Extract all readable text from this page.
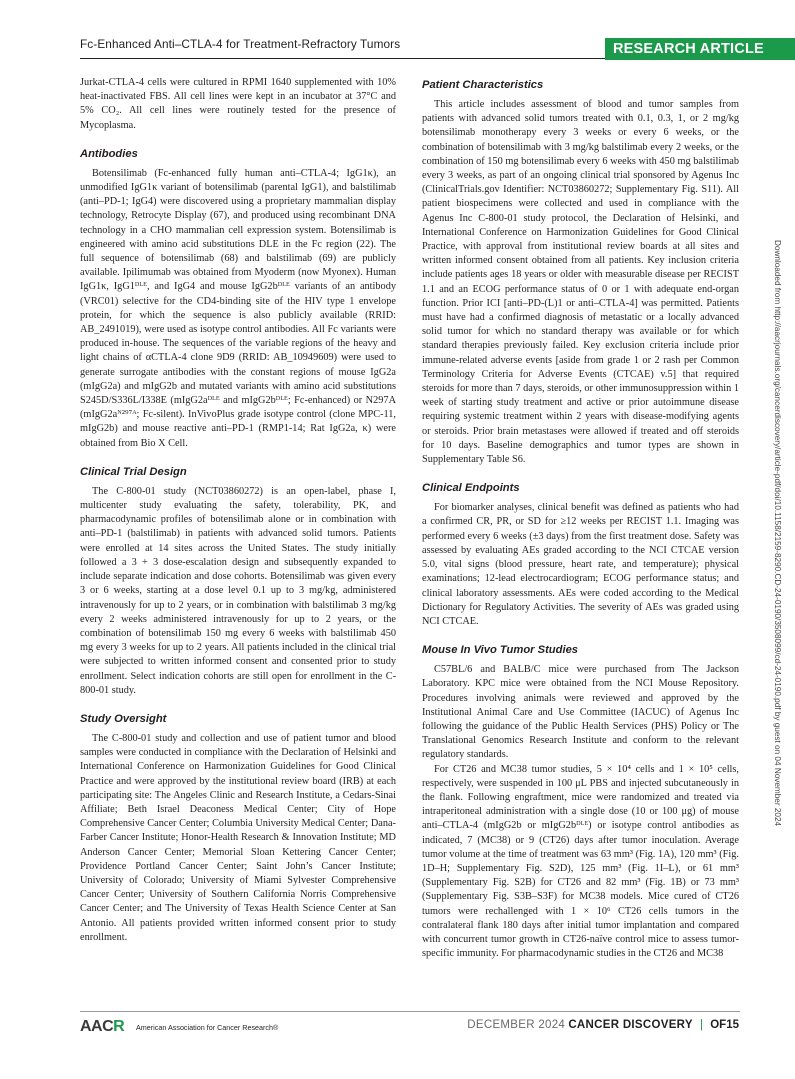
Fc-Enhanced Anti–CTLA-4 for Treatment-Refractory Tumors	RESEARCH ARTICLE

Jurkat-CTLA-4 cells were cultured in RPMI 1640 supplemented with 10% heat-inactivated FBS. All cell lines were kept in an incubator at 37°C and 5% CO₂. All cell lines were routinely tested for the presence of Mycoplasma.

Antibodies

Botensilimab (Fc-enhanced fully human anti–CTLA-4; IgG1κ), an unmodified IgG1κ variant of botensilimab (parental IgG1), and balstilimab (anti–PD-1; IgG4) were discovered using a proprietary mammalian display technology, Retrocyte Display (67), and produced using recombinant DNA technology in a CHO mammalian cell expression system. Botensilimab is engineered with amino acid substitutions DLE in the Fc region (22). The full sequence of botensilimab (68) and balstilimab (69) are publicly available. Ipilimumab was obtained from Myoderm (now Myonex). Human IgG1κ, IgG1ᴰᴸᴱ, and IgG4 and mouse IgG2bᴰᴸᴱ variants of an antibody (VRC01) selective for the CD4-binding site of the HIV type 1 envelope protein, for which the sequence is also publicly available (RRID: AB_2491019), were used as isotype control antibodies. All Fc variants were produced in-house. The sequences of the variable regions of the heavy and light chains of αCTLA-4 clone 9D9 (RRID: AB_10949609) were used to generate surrogate antibodies with the constant regions of mouse IgG2a (mIgG2a) and mIgG2b and mutated variants with amino acid substitutions S245D/S336L/I338E (mIgG2aᴰᴸᴱ and mIgG2bᴰᴸᴱ; Fc-enhanced) or N297A (mIgG2aᴺ²⁹⁷ᴬ; Fc-silent). InVivoPlus grade isotype control (clone MPC-11, mIgG2b) and mouse reactive anti–PD-1 (RMP1-14; Rat IgG2a, κ) were obtained from Bio X Cell.

Clinical Trial Design

The C-800-01 study (NCT03860272) is an open-label, phase I, multicenter study evaluating the safety, tolerability, PK, and pharmacodynamic profiles of botensilimab alone or in combination with anti–PD-1 (balstilimab) in patients with advanced solid tumors. Patients were enrolled at 14 sites across the United States. The study initially followed a 3 + 3 dose-escalation design and subsequently expanded to include separate indication and dose cohorts. Botensilimab was given every 3 or 6 weeks, starting at a dose level 0.1 up to 3 mg/kg, administered intravenously for up to 2 years, or in combination with balstilimab 3 mg/kg every 2 weeks administered intravenously for up to 2 years, or the combination of botensilimab 150 mg every 6 weeks with balstilimab 450 mg every 3 weeks for up to 2 years. All patients included in the clinical trial were subjected to written informed consent and consented prior to study enrollment. Select indication cohorts are still open for enrollment in the C-800-01 study.

Study Oversight

The C-800-01 study and collection and use of patient tumor and blood samples were conducted in compliance with the Declaration of Helsinki and International Conference on Harmonization Guidelines for Good Clinical Practice and were approved by the institutional review board (IRB) at each participating site: The Angeles Clinic and Research Institute, a Cedars-Sinai Affiliate; Beth Israel Deaconess Medical Center; City of Hope Comprehensive Cancer Center; Columbia University Medical Center; Dana-Farber Cancer Institute; Honor-Health Research & Innovation Institute; MD Anderson Cancer Center; Memorial Sloan Kettering Cancer Center; Providence Portland Cancer Center; Saint John’s Cancer Institute; University of Colorado; University of Miami Sylvester Comprehensive Cancer Center; University of Southern California Norris Comprehensive Cancer Center; and The University of Texas Health Science Center at San Antonio. All patients provided written informed consent prior to study enrollment.

Patient Characteristics

This article includes assessment of blood and tumor samples from patients with advanced solid tumors treated with 0.1, 0.3, 1, or 2 mg/kg botensilimab monotherapy every 3 weeks or every 6 weeks, or the combination of botensilimab with 3 mg/kg balstilimab every 2 weeks, or the combination of 150 mg botensilimab every 6 weeks with 450 mg balstilimab every 3 weeks, as part of an ongoing clinical trial sponsored by Agenus Inc (ClinicalTrials.gov Identifier: NCT03860272; Supplementary Fig. S11). All patient biospecimens were collected and used in compliance with the Agenus Inc C-800-01 study protocol, the Declaration of Helsinki, and International Conference on Harmonization Guidelines for Good Clinical Practice, with approval from institutional review boards at all sites and written informed consent obtained from all patients. Key inclusion criteria include patients ages 18 years or older with measurable disease per RECIST 1.1 and an ECOG performance status of 0 or 1 with adequate end-organ function. Prior ICI [anti–PD-(L)1 or anti–CTLA-4] was permitted. Patients must have had a confirmed diagnosis of metastatic or a locally advanced solid tumor for which no standard therapy was available or for which standard therapies previously failed. Key exclusion criteria include prior immune-related adverse events [aside from grade 1 or 2 rash per Common Terminology Criteria for Adverse Events (CTCAE) v.5] that required steroids for more than 7 days, steroids, or other immunosuppression within 1 week of starting study treatment and active or prior autoimmune disease requiring systemic treatment within 2 years with disease-modifying agents or steroids. Prior brain metastases were allowed if treated and off steroids for 10 days. Baseline demographics and tumor types are shown in Supplementary Table S6.

Clinical Endpoints

For biomarker analyses, clinical benefit was defined as patients who had a confirmed CR, PR, or SD for ≥12 weeks per RECIST 1.1. Imaging was performed every 6 weeks (±3 days) from the first treatment dose. Safety was assessed by evaluating AEs graded according to the NCI CTCAE version 5.0, vital signs (blood pressure, heart rate, and temperature); physical examinations; 12-lead electrocardiogram; ECOG performance status; and clinical laboratory assessments. AEs were coded according to the Medical Dictionary for Regulatory Activities. The severity of AEs was graded using NCI CTCAE.

Mouse In Vivo Tumor Studies

C57BL/6 and BALB/C mice were purchased from The Jackson Laboratory. KPC mice were obtained from the NCI Mouse Repository. Procedures involving animals were reviewed and approved by the Institutional Animal Care and Use Committee (IACUC) of Agenus Inc following the guidance of the Public Health Services (PHS) Policy or The Translational Genomics Research Institute and conform to the relevant regulatory standards.

For CT26 and MC38 tumor studies, 5 × 10⁴ cells and 1 × 10⁵ cells, respectively, were suspended in 100 μL PBS and injected subcutaneously in the flank. Following engraftment, mice were randomized and treated via intraperitoneal administration with a single dose (10 or 100 μg) of mouse anti–CTLA-4 (mIgG2b or mIgG2bᴰᴸᴱ) or isotype control antibodies as indicated, 7 (MC38) or 9 (CT26) days after tumor inoculation. Average tumor volume at the time of treatment was 63 mm³ (Fig. 1A), 120 mm³ (Fig. 1D–H; Supplementary Fig. S2D), 125 mm³ (Fig. 1I–L), or 61 mm³ (Supplementary Fig. S2B) for CT26 and 82 mm³ (Fig. 1B) or 73 mm³ (Supplementary Fig. S3B–S3F) for MC38 models. Mice cured of CT26 tumors were rechallenged with 1 × 10⁶ CT26 cells tumors in the contralateral flank 180 days after initial tumor implantation and compared with concurrent tumor growth in CT26-naïve control mice to assess tumor-specific immunity. For pharmacodynamic studies in the CT26 and MC38

Downloaded from http://aacrjournals.org/cancerdiscovery/article-pdf/doi/10.1158/2159-8290.CD-24-0190/3508099/cd-24-0190.pdf by guest on 04 November 2024
AACR American Association for Cancer Research®	DECEMBER 2024 CANCER DISCOVERY | OF15
